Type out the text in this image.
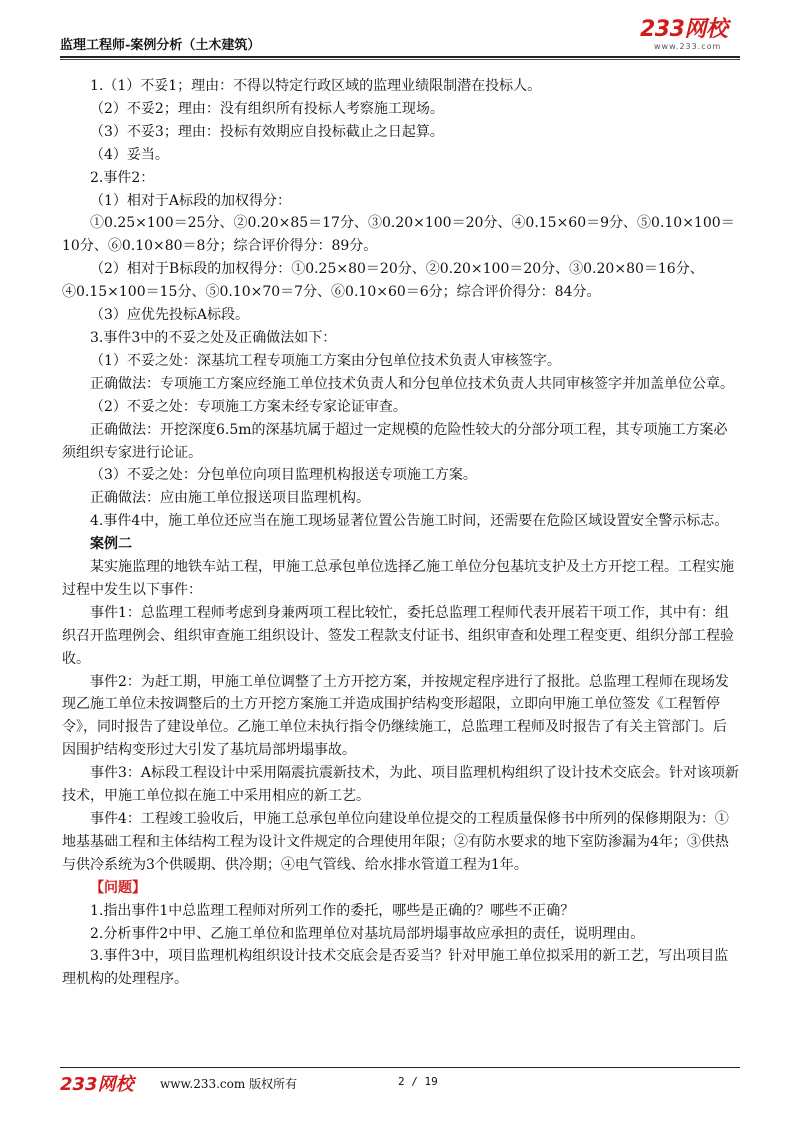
监理工程师-案例分析（土木建筑）
233网校
www.233.com

1.（1）不妥1；理由：不得以特定行政区域的监理业绩限制潜在投标人。

（2）不妥2；理由：没有组织所有投标人考察施工现场。

（3）不妥3；理由：投标有效期应自投标截止之日起算。

（4）妥当。

2.事件2：

（1）相对于A标段的加权得分：

①0.25×100＝25分、②0.20×85＝17分、③0.20×100＝20分、④0.15×60＝9分、⑤0.10×100＝10分、⑥0.10×80＝8分；综合评价得分：89分。

（2）相对于B标段的加权得分：①0.25×80＝20分、②0.20×100＝20分、③0.20×80＝16分、④0.15×100＝15分、⑤0.10×70＝7分、⑥0.10×60＝6分；综合评价得分：84分。

（3）应优先投标A标段。

3.事件3中的不妥之处及正确做法如下：

（1）不妥之处：深基坑工程专项施工方案由分包单位技术负责人审核签字。

正确做法：专项施工方案应经施工单位技术负责人和分包单位技术负责人共同审核签字并加盖单位公章。

（2）不妥之处：专项施工方案未经专家论证审查。

正确做法：开挖深度6.5m的深基坑属于超过一定规模的危险性较大的分部分项工程，其专项施工方案必须组织专家进行论证。

（3）不妥之处：分包单位向项目监理机构报送专项施工方案。

正确做法：应由施工单位报送项目监理机构。

4.事件4中，施工单位还应当在施工现场显著位置公告施工时间，还需要在危险区域设置安全警示标志。

案例二

某实施监理的地铁车站工程，甲施工总承包单位选择乙施工单位分包基坑支护及土方开挖工程。工程实施过程中发生以下事件：

事件1：总监理工程师考虑到身兼两项工程比较忙，委托总监理工程师代表开展若干项工作，其中有：组织召开监理例会、组织审查施工组织设计、签发工程款支付证书、组织审查和处理工程变更、组织分部工程验收。

事件2：为赶工期，甲施工单位调整了土方开挖方案，并按规定程序进行了报批。总监理工程师在现场发现乙施工单位未按调整后的土方开挖方案施工并造成围护结构变形超限，立即向甲施工单位签发《工程暂停令》，同时报告了建设单位。乙施工单位未执行指令仍继续施工，总监理工程师及时报告了有关主管部门。后因围护结构变形过大引发了基坑局部坍塌事故。

事件3：A标段工程设计中采用隔震抗震新技术，为此、项目监理机构组织了设计技术交底会。针对该项新技术，甲施工单位拟在施工中采用相应的新工艺。

事件4：工程竣工验收后，甲施工总承包单位向建设单位提交的工程质量保修书中所列的保修期限为：①地基基础工程和主体结构工程为设计文件规定的合理使用年限；②有防水要求的地下室防渗漏为4年；③供热与供冷系统为3个供暖期、供冷期；④电气管线、给水排水管道工程为1年。

【问题】

1.指出事件1中总监理工程师对所列工作的委托，哪些是正确的？哪些不正确？

2.分析事件2中甲、乙施工单位和监理单位对基坑局部坍塌事故应承担的责任，说明理由。

3.事件3中，项目监理机构组织设计技术交底会是否妥当？针对甲施工单位拟采用的新工艺，写出项目监理机构的处理程序。

233网校 www.233.com 版权所有	2 / 19
